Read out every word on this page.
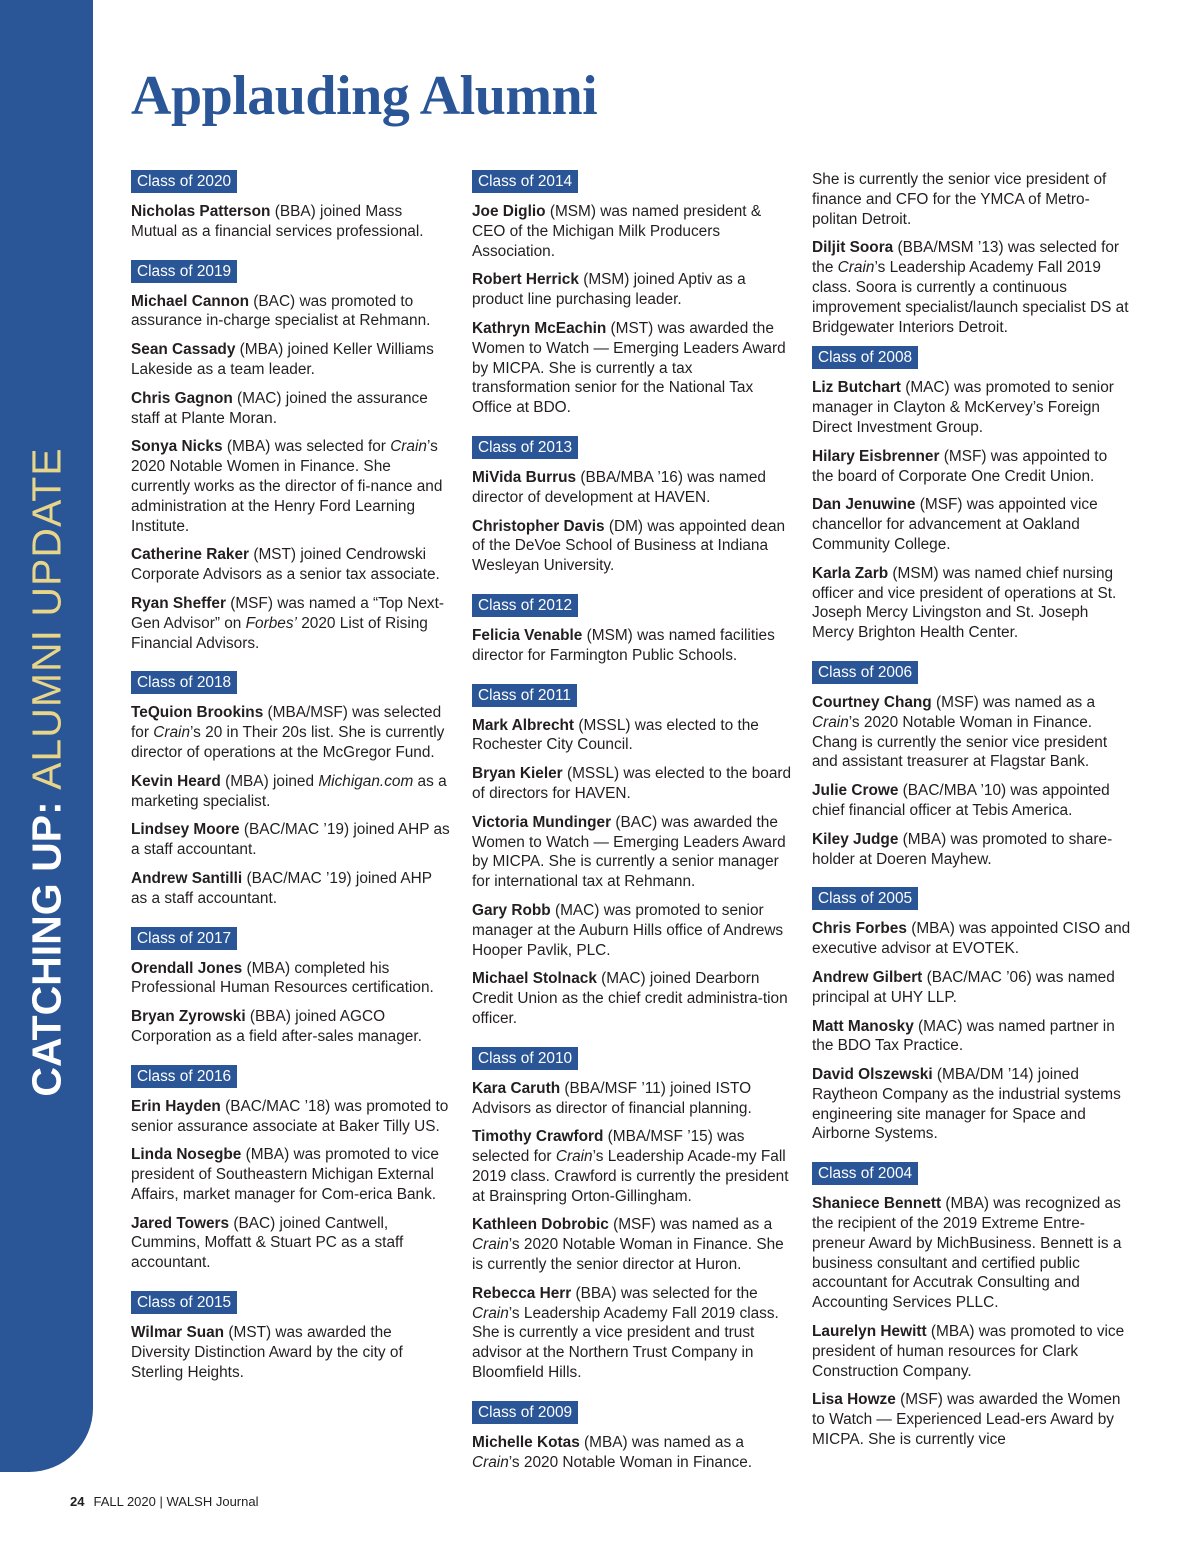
CATCHING UP: ALUMNI UPDATE
Applauding Alumni
Class of 2020

Nicholas Patterson (BBA) joined Mass Mutual as a financial services professional.

Class of 2019

Michael Cannon (BAC) was promoted to assurance in-charge specialist at Rehmann.

Sean Cassady (MBA) joined Keller Williams Lakeside as a team leader.

Chris Gagnon (MAC) joined the assurance staff at Plante Moran.

Sonya Nicks (MBA) was selected for Crain’s 2020 Notable Women in Finance. She currently works as the director of fi-nance and administration at the Henry Ford Learning Institute.

Catherine Raker (MST) joined Cendrowski Corporate Advisors as a senior tax associate.

Ryan Sheffer (MSF) was named a “Top Next-Gen Advisor” on Forbes’ 2020 List of Rising Financial Advisors.

Class of 2018

TeQuion Brookins (MBA/MSF) was selected for Crain’s 20 in Their 20s list. She is currently director of operations at the McGregor Fund.

Kevin Heard (MBA) joined Michigan.com as a marketing specialist.

Lindsey Moore (BAC/MAC ’19) joined AHP as a staff accountant.

Andrew Santilli (BAC/MAC ’19) joined AHP as a staff accountant.

Class of 2017

Orendall Jones (MBA) completed his Professional Human Resources certification.

Bryan Zyrowski (BBA) joined AGCO Corporation as a field after-sales manager.

Class of 2016

Erin Hayden (BAC/MAC ’18) was promoted to senior assurance associate at Baker Tilly US.

Linda Nosegbe (MBA) was promoted to vice president of Southeastern Michigan External Affairs, market manager for Com-erica Bank.

Jared Towers (BAC) joined Cantwell, Cummins, Moffatt & Stuart PC as a staff accountant.

Class of 2015

Wilmar Suan (MST) was awarded the Diversity Distinction Award by the city of Sterling Heights.

Class of 2014

Joe Diglio (MSM) was named president & CEO of the Michigan Milk Producers Association.

Robert Herrick (MSM) joined Aptiv as a product line purchasing leader.

Kathryn McEachin (MST) was awarded the Women to Watch — Emerging Leaders Award by MICPA. She is currently a tax transformation senior for the National Tax Office at BDO.

Class of 2013

MiVida Burrus (BBA/MBA ’16) was named director of development at HAVEN.

Christopher Davis (DM) was appointed dean of the DeVoe School of Business at Indiana Wesleyan University.

Class of 2012

Felicia Venable (MSM) was named facilities director for Farmington Public Schools.

Class of 2011

Mark Albrecht (MSSL) was elected to the Rochester City Council.

Bryan Kieler (MSSL) was elected to the board of directors for HAVEN.

Victoria Mundinger (BAC) was awarded the Women to Watch — Emerging Leaders Award by MICPA. She is currently a senior manager for international tax at Rehmann.

Gary Robb (MAC) was promoted to senior manager at the Auburn Hills office of Andrews Hooper Pavlik, PLC.

Michael Stolnack (MAC) joined Dearborn Credit Union as the chief credit administra-tion officer.

Class of 2010

Kara Caruth (BBA/MSF ’11) joined ISTO Advisors as director of financial planning.

Timothy Crawford (MBA/MSF ’15) was selected for Crain’s Leadership Acade-my Fall 2019 class. Crawford is currently the president at Brainspring Orton-Gillingham.

Kathleen Dobrobic (MSF) was named as a Crain’s 2020 Notable Woman in Finance. She is currently the senior director at Huron.

Rebecca Herr (BBA) was selected for the Crain’s Leadership Academy Fall 2019 class. She is currently a vice president and trust advisor at the Northern Trust Company in Bloomfield Hills.

Class of 2009

Michelle Kotas (MBA) was named as a Crain’s 2020 Notable Woman in Finance.

She is currently the senior vice president of finance and CFO for the YMCA of Metro-politan Detroit.

Diljit Soora (BBA/MSM ’13) was selected for the Crain’s Leadership Academy Fall 2019 class. Soora is currently a continuous improvement specialist/launch specialist DS at Bridgewater Interiors Detroit.

Class of 2008

Liz Butchart (MAC) was promoted to senior manager in Clayton & McKervey’s Foreign Direct Investment Group.

Hilary Eisbrenner (MSF) was appointed to the board of Corporate One Credit Union.

Dan Jenuwine (MSF) was appointed vice chancellor for advancement at Oakland Community College.

Karla Zarb (MSM) was named chief nursing officer and vice president of operations at St. Joseph Mercy Livingston and St. Joseph Mercy Brighton Health Center.

Class of 2006

Courtney Chang (MSF) was named as a Crain’s 2020 Notable Woman in Finance. Chang is currently the senior vice president and assistant treasurer at Flagstar Bank.

Julie Crowe (BAC/MBA ’10) was appointed chief financial officer at Tebis America.

Kiley Judge (MBA) was promoted to share-holder at Doeren Mayhew.

Class of 2005

Chris Forbes (MBA) was appointed CISO and executive advisor at EVOTEK.

Andrew Gilbert (BAC/MAC ’06) was named principal at UHY LLP.

Matt Manosky (MAC) was named partner in the BDO Tax Practice.

David Olszewski (MBA/DM ’14) joined Raytheon Company as the industrial systems engineering site manager for Space and Airborne Systems.

Class of 2004

Shaniece Bennett (MBA) was recognized as the recipient of the 2019 Extreme Entre-preneur Award by MichBusiness. Bennett is a business consultant and certified public accountant for Accutrak Consulting and Accounting Services PLLC.

Laurelyn Hewitt (MBA) was promoted to vice president of human resources for Clark Construction Company.

Lisa Howze (MSF) was awarded the Women to Watch — Experienced Lead-ers Award by MICPA. She is currently vice

24 FALL 2020 | WALSH Journal
